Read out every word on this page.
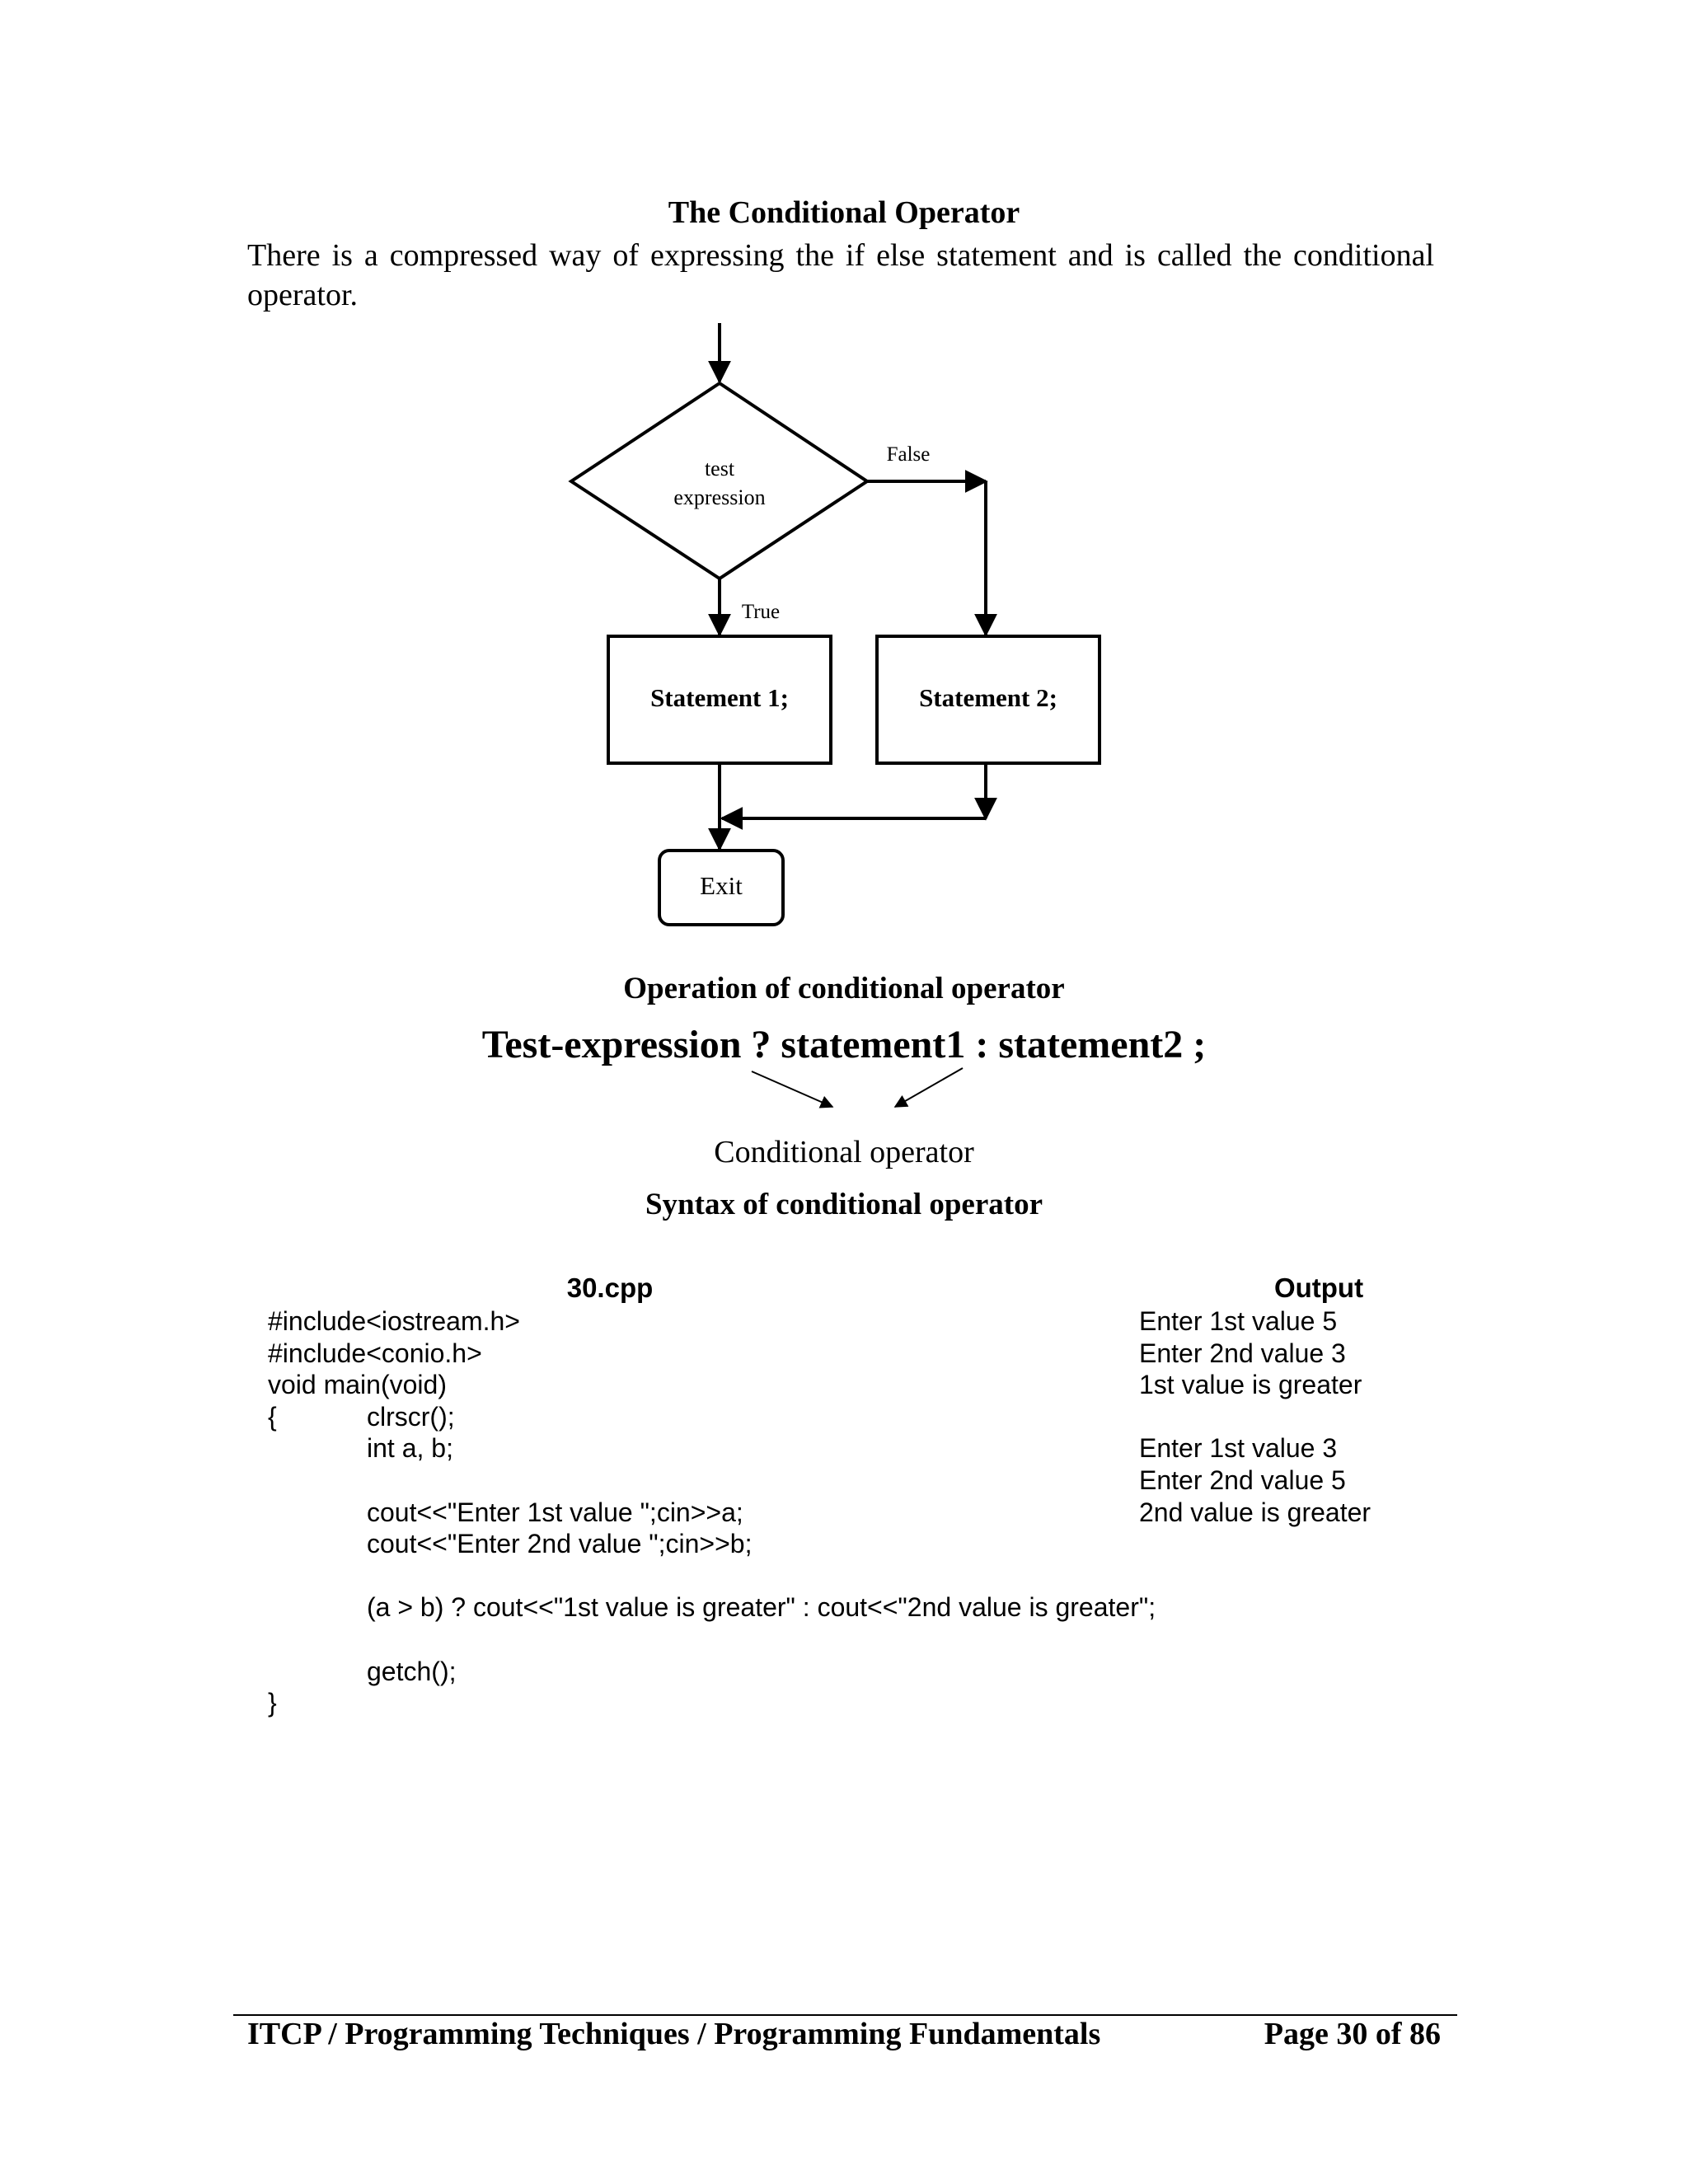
The Conditional Operator

There is a compressed way of expressing the if else statement and is called the conditional operator.

test
expression
False
True
Statement 1;	Statement 2;
Exit
Operation of conditional operator
Test-expression ? statement1 : statement2 ;
Conditional operator
Syntax of conditional operator
30.cpp
#include<iostream.h>
#include<conio.h>
void main(void)
{	clrscr();
int a, b;
cout<<"Enter 1st value ";cin>>a;
cout<<"Enter 2nd value ";cin>>b;
(a > b) ? cout<<"1st value is greater" : cout<<"2nd value is greater";
getch();
}
Output
Enter 1st value 5
Enter 2nd value 3
1st value is greater
Enter 1st value 3
Enter 2nd value 5
2nd value is greater
ITCP / Programming Techniques / Programming Fundamentals	Page 30 of 86
